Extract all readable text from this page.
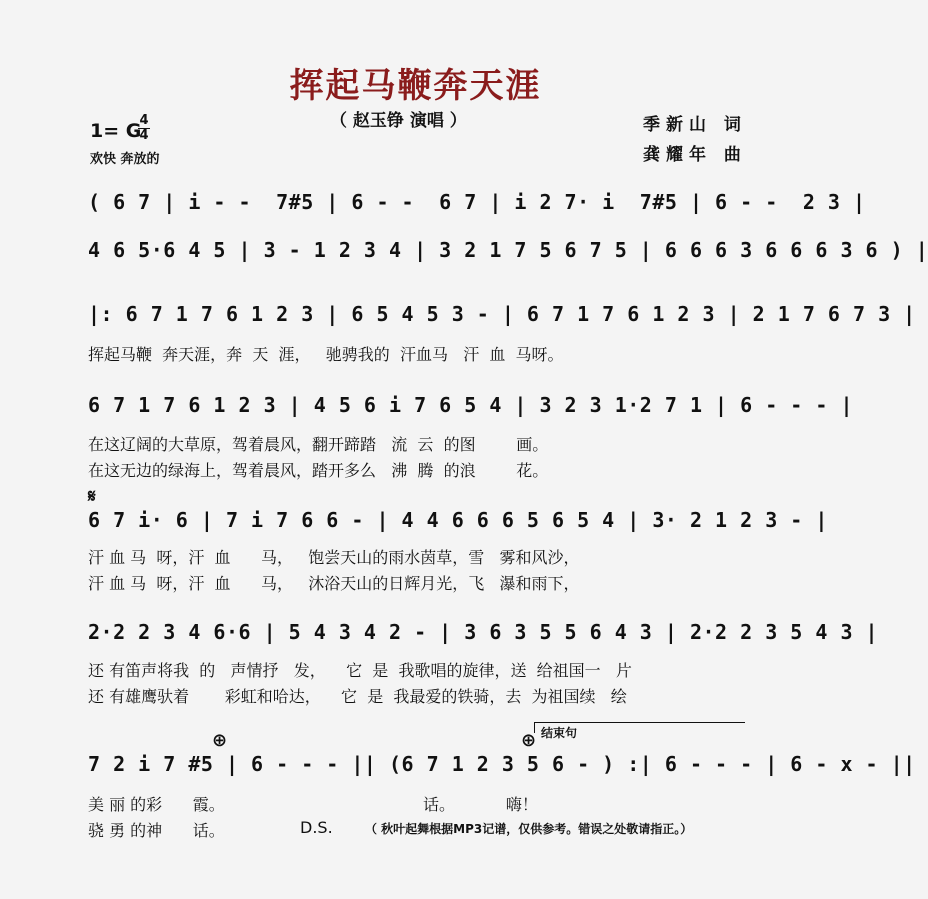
挥起马鞭奔天涯
（ 赵玉铮 演唱 ）	季新山 词
龚耀年 曲
1= G
4
4
欢快 奔放的
( 6 7 | i - -  7#5 | 6 - -  6 7 | i 2 7· i  7#5 | 6 - -  2 3 |
4 6 5·6 4 5 | 3 - 1 2 3 4 | 3 2 1 7 5 6 7 5 | 6 6 6 3 6 6 6 3 6 ) |
|: 6 7 1 7 6 1 2 3 | 6 5 4 5 3 - | 6 7 1 7 6 1 2 3 | 2 1 7 6 7 3 |
挥起马鞭  奔天涯，奔  天  涯，   驰骋我的  汗血马   汗  血  马呀。
6 7 1 7 6 1 2 3 | 4 5 6 i 7 6 5 4 | 3 2 3 1·2 7 1 | 6 - - - |
在这辽阔的大草原，驾着晨风，翻开蹄踏   流  云  的图        画。
在这无边的绿海上，驾着晨风，踏开多么   沸  腾  的浪        花。
𝄋
6 7 i· 6 | 7 i 7 6 6 - | 4 4 6 6 6 5 6 5 4 | 3· 2 1 2 3 - |
汗 血 马  呀，汗  血      马，   饱尝天山的雨水茵草，雪   雾和风沙，
汗 血 马  呀，汗  血      马，   沐浴天山的日辉月光，飞   瀑和雨下，
2·2 2 3 4 6·6 | 5 4 3 4 2 - | 3 6 3 5 5 6 4 3 | 2·2 2 3 5 4 3 |
还 有笛声将我  的   声情抒   发，    它  是  我歌唱的旋律，送  给祖国一   片
还 有雄鹰驮着       彩虹和哈达，    它  是  我最爱的铁骑，去  为祖国续   绘
结束句
⊕	⊕
7 2 i 7 #5 | 6 - - - || (6 7 1 2 3 5 6 - ) :| 6 - - - | 6 - x - ||
美 丽 的彩      霞。                                       话。          嗨！
骁 勇 的神      话。	D.S.	（ 秋叶起舞根据MP3记谱，仅供参考。错误之处敬请指正。）
